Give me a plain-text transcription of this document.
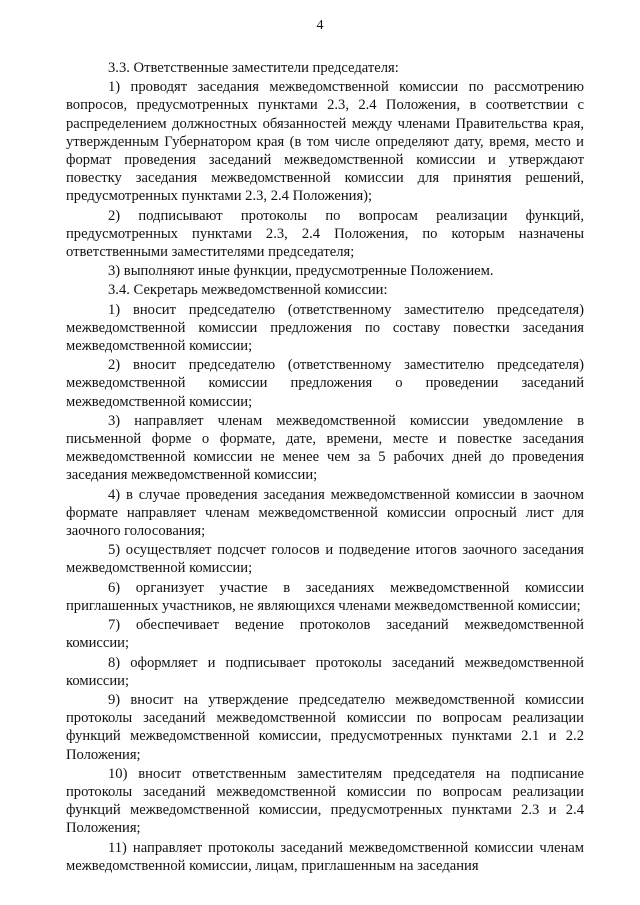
4

3.3. Ответственные заместители председателя:

1) проводят заседания межведомственной комиссии по рассмотрению вопросов, предусмотренных пунктами 2.3, 2.4 Положения, в соответствии с распределением должностных обязанностей между членами Правительства края, утвержденным Губернатором края (в том числе определяют дату, время, место и формат проведения заседаний межведомственной комиссии и утверждают повестку заседания межведомственной комиссии для принятия решений, предусмотренных пунктами 2.3, 2.4 Положения);

2) подписывают протоколы по вопросам реализации функций, предусмотренных пунктами 2.3, 2.4 Положения, по которым назначены ответственными заместителями председателя;

3) выполняют иные функции, предусмотренные Положением.

3.4. Секретарь межведомственной комиссии:

1) вносит председателю (ответственному заместителю председателя) межведомственной комиссии предложения по составу повестки заседания межведомственной комиссии;

2) вносит председателю (ответственному заместителю председателя) межведомственной комиссии предложения о проведении заседаний межведомственной комиссии;

3) направляет членам межведомственной комиссии уведомление в письменной форме о формате, дате, времени, месте и повестке заседания межведомственной комиссии не менее чем за 5 рабочих дней до проведения заседания межведомственной комиссии;

4) в случае проведения заседания межведомственной комиссии в заочном формате направляет членам межведомственной комиссии опросный лист для заочного голосования;

5) осуществляет подсчет голосов и подведение итогов заочного заседания межведомственной комиссии;

6) организует участие в заседаниях межведомственной комиссии приглашенных участников, не являющихся членами межведомственной комиссии;

7) обеспечивает ведение протоколов заседаний межведомственной комиссии;

8) оформляет и подписывает протоколы заседаний межведомственной комиссии;

9) вносит на утверждение председателю межведомственной комиссии протоколы заседаний межведомственной комиссии по вопросам реализации функций межведомственной комиссии, предусмотренных пунктами 2.1 и 2.2 Положения;

10) вносит ответственным заместителям председателя на подписание протоколы заседаний межведомственной комиссии по вопросам реализации функций межведомственной комиссии, предусмотренных пунктами 2.3 и 2.4 Положения;

11) направляет протоколы заседаний межведомственной комиссии членам межведомственной комиссии, лицам, приглашенным на заседания
